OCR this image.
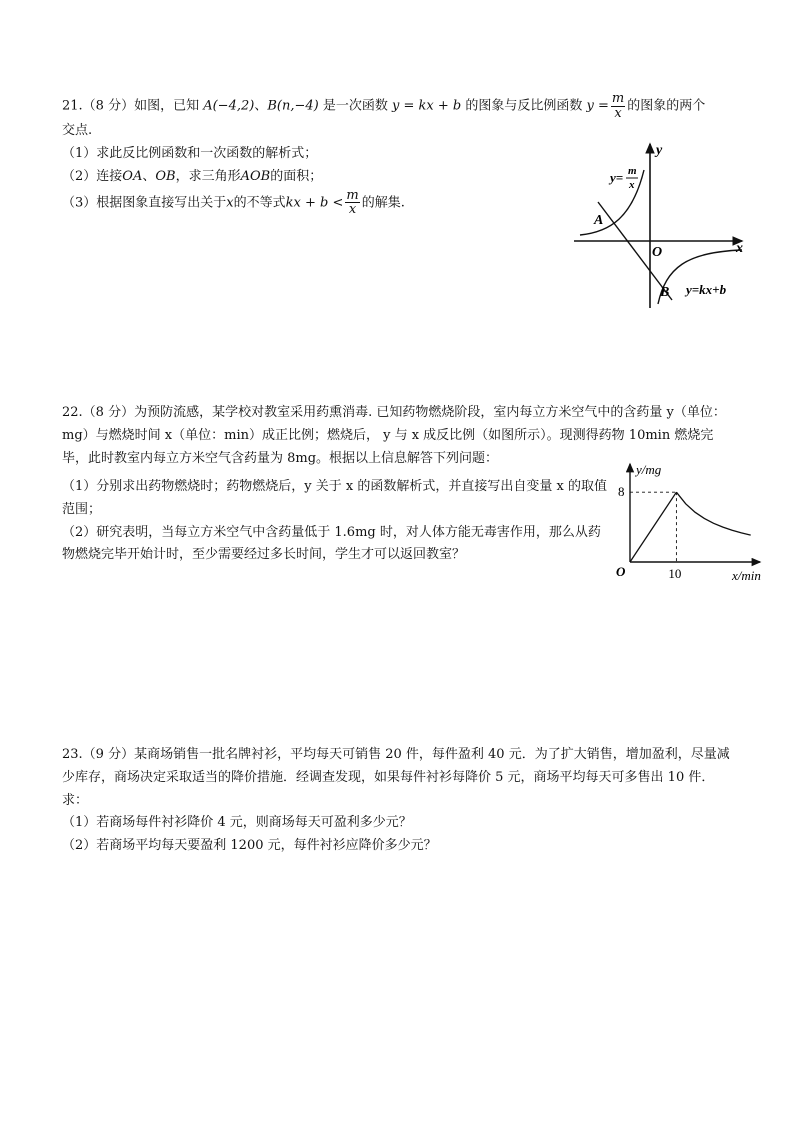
21.（8 分）如图，已知 A(−4,2)、B(n,−4) 是一次函数 y = kx + b 的图象与反比例函数 $y = \frac{m}{x}$ 的图象的两个

交点.

（1）求此反比例函数和一次函数的解析式；

（2）连接OA、OB，求三角形AOB的面积；

（3）根据图象直接写出关于x的不等式kx + $b < \frac{m}{x}$ 的解集.

y
x
O
A
B
y= m
x
y=kx+b

22.（8 分）为预防流感，某学校对教室采用药熏消毒. 已知药物燃烧阶段，室内每立方米空气中的含药量 y（单位：mg）与燃烧时间 x（单位：min）成正比例；燃烧后， y 与 x 成反比例（如图所示）。现测得药物 10min 燃烧完毕，此时教室内每立方米空气含药量为 8mg。根据以上信息解答下列问题：

（1）分别求出药物燃烧时；药物燃烧后，y 关于 x 的函数解析式，并直接写出自变量 x 的取值范围；

（2）研究表明，当每立方米空气中含药量低于 1.6mg 时，对人体方能无毒害作用，那么从药物燃烧完毕开始计时，至少需要经过多长时间，学生才可以返回教室？

y/mg
x/min
O
8
10

23.（9 分）某商场销售一批名牌衬衫，平均每天可销售 20 件，每件盈利 40 元．为了扩大销售，增加盈利，尽量减少库存，商场决定采取适当的降价措施．经调查发现，如果每件衬衫每降价 5 元，商场平均每天可多售出 10 件．求：

（1）若商场每件衬衫降价 4 元，则商场每天可盈利多少元？

（2）若商场平均每天要盈利 1200 元，每件衬衫应降价多少元？
